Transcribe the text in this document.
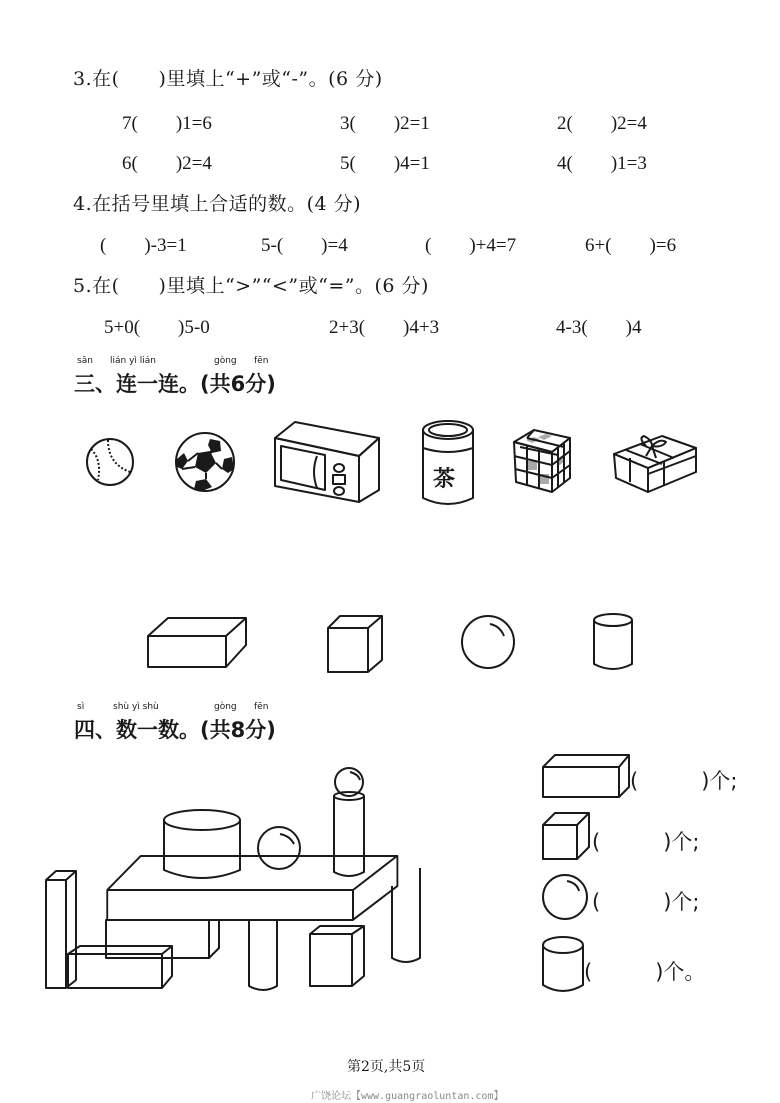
3.在(　　)里填上“+”或“-”。(6 分)
7(　　)1=6	3(　　)2=1	2(　　)2=4
6(　　)2=4	5(　　)4=1	4(　　)1=3
4.在括号里填上合适的数。(4 分)
(　　)-3=1	5-(　　)=4	(　　)+4=7	6+(　　)=6
5.在(　　)里填上“>”“<”或“=”。(6 分)
5+0(　　)5-0	2+3(　　)4+3	4-3(　　)4
sān lián yì lián	gòng fēn
三、连一连。(共6分)
茶
sì	shù yì shù	gòng fēn
四、数一数。(共8分)
(　　　)个;
(　　　)个;
(　　　)个;
(　　　)个。
第2页,共5页
广饶论坛【www.guangraoluntan.com】
